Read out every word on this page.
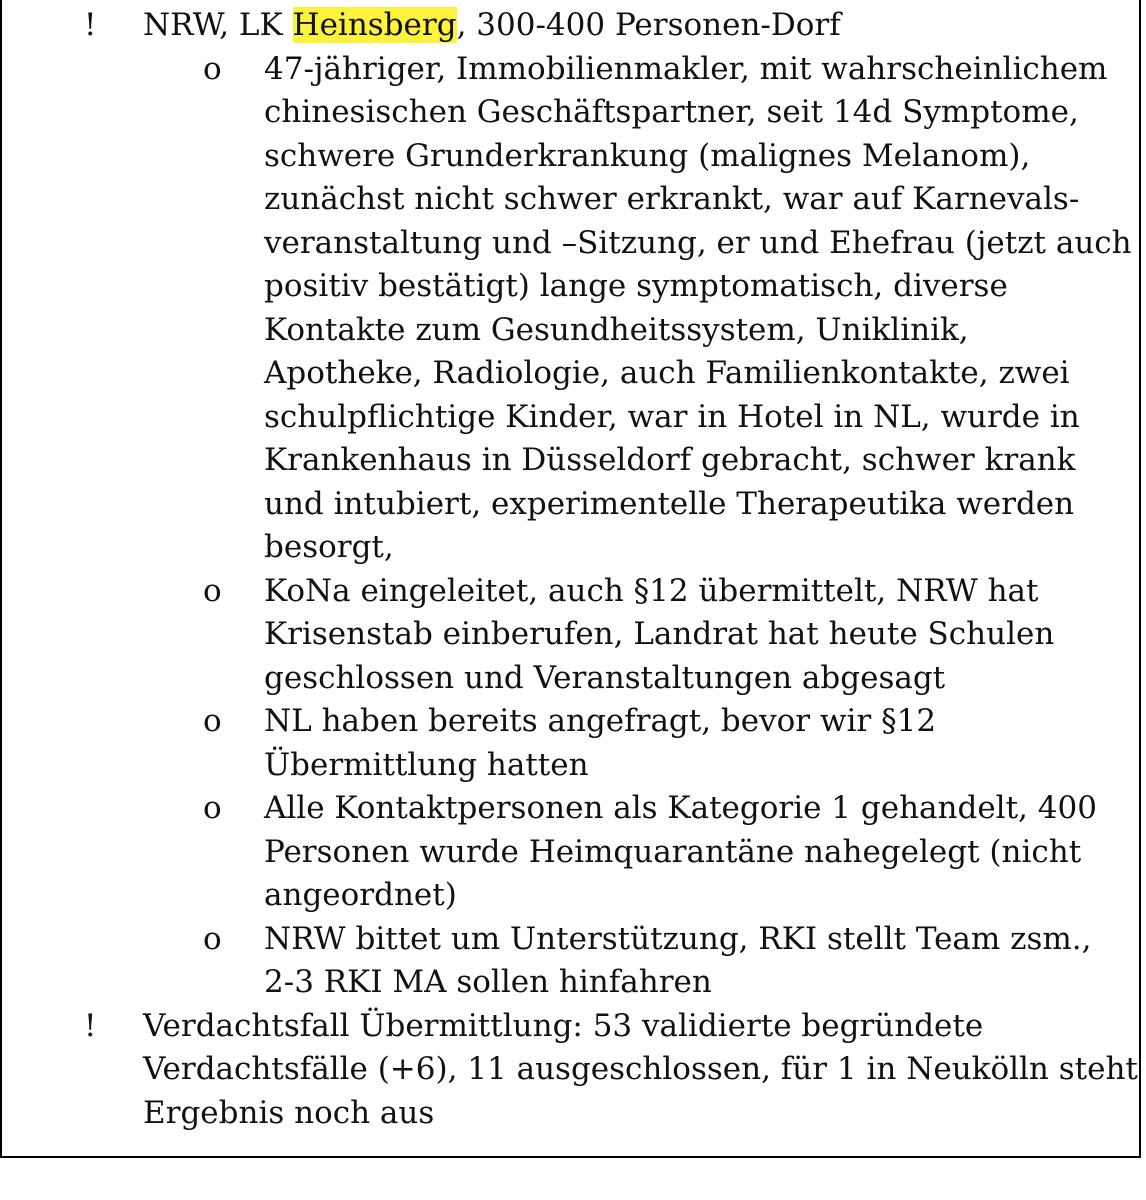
! NRW, LK Heinsberg, 300-400 Personen-Dorf
o 47-jähriger, Immobilienmakler, mit wahrscheinlichem
chinesischen Geschäftspartner, seit 14d Symptome,
schwere Grunderkrankung (malignes Melanom),
zunächst nicht schwer erkrankt, war auf Karnevals-
veranstaltung und –Sitzung, er und Ehefrau (jetzt auch
positiv bestätigt) lange symptomatisch, diverse
Kontakte zum Gesundheitssystem, Uniklinik,
Apotheke, Radiologie, auch Familienkontakte, zwei
schulpflichtige Kinder, war in Hotel in NL, wurde in
Krankenhaus in Düsseldorf gebracht, schwer krank
und intubiert, experimentelle Therapeutika werden
besorgt,
o KoNa eingeleitet, auch §12 übermittelt, NRW hat
Krisenstab einberufen, Landrat hat heute Schulen
geschlossen und Veranstaltungen abgesagt
o NL haben bereits angefragt, bevor wir §12
Übermittlung hatten
o Alle Kontaktpersonen als Kategorie 1 gehandelt, 400
Personen wurde Heimquarantäne nahegelegt (nicht
angeordnet)
o NRW bittet um Unterstützung, RKI stellt Team zsm.,
2-3 RKI MA sollen hinfahren
! Verdachtsfall Übermittlung: 53 validierte begründete
Verdachtsfälle (+6), 11 ausgeschlossen, für 1 in Neukölln steht
Ergebnis noch aus
